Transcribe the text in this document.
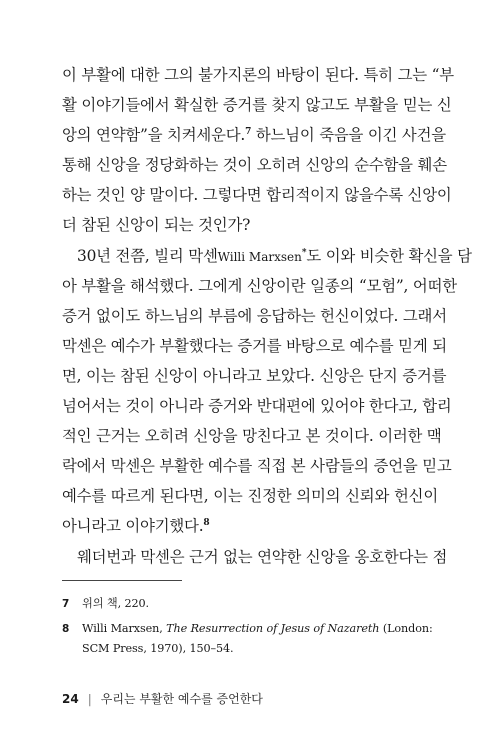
이 부활에 대한 그의 불가지론의 바탕이 된다. 특히 그는 “부
활 이야기들에서 확실한 증거를 찾지 않고도 부활을 믿는 신
앙의 연약함”을 치켜세운다.$^7$ 하느님이 죽음을 이긴 사건을
통해 신앙을 정당화하는 것이 오히려 신앙의 순수함을 훼손
하는 것인 양 말이다. 그렇다면 합리적이지 않을수록 신앙이
더 참된 신앙이 되는 것인가?
30년 전쯤, 빌리 막센Willi Marxsen*도 이와 비슷한 확신을 담
아 부활을 해석했다. 그에게 신앙이란 일종의 “모험”, 어떠한
증거 없이도 하느님의 부름에 응답하는 헌신이었다. 그래서
막센은 예수가 부활했다는 증거를 바탕으로 예수를 믿게 되
면, 이는 참된 신앙이 아니라고 보았다. 신앙은 단지 증거를
넘어서는 것이 아니라 증거와 반대편에 있어야 한다고, 합리
적인 근거는 오히려 신앙을 망친다고 본 것이다. 이러한 맥
락에서 막센은 부활한 예수를 직접 본 사람들의 증언을 믿고
예수를 따르게 된다면, 이는 진정한 의미의 신뢰와 헌신이
아니라고 이야기했다.$^8$
웨더번과 막센은 근거 없는 연약한 신앙을 옹호한다는 점
7	위의 책, 220.
8	Willi Marxsen, The Resurrection of Jesus of Nazareth (London: SCM Press, 1970), 150–54.
24 | 우리는 부활한 예수를 증언한다
